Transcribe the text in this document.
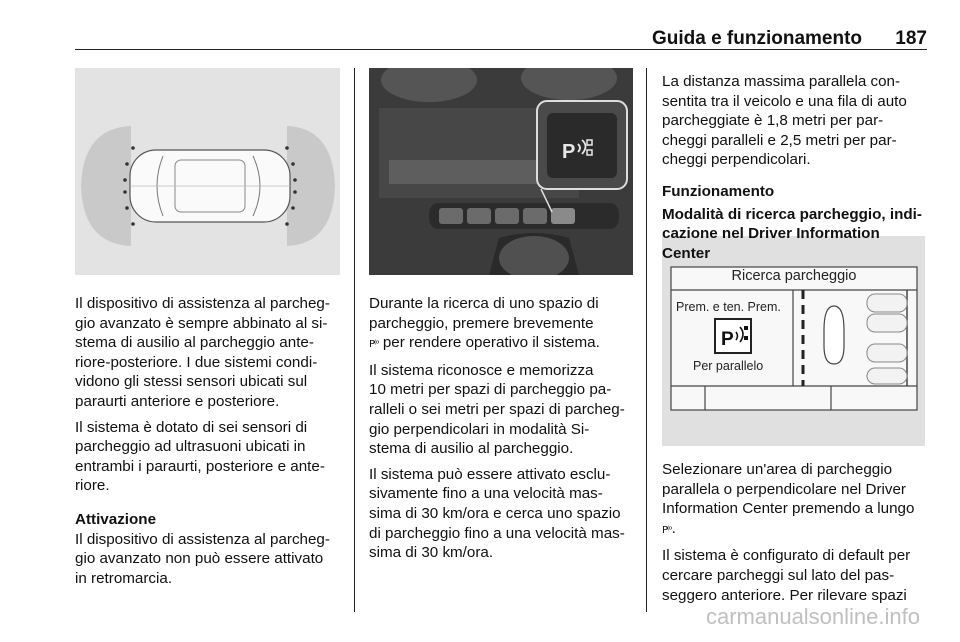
Guida e funzionamento 187
P
P
Ricerca parcheggio
Prem. e ten. Prem.
Per parallelo

Il dispositivo di assistenza al parcheg-
gio avanzato è sempre abbinato al si-
stema di ausilio al parcheggio ante-
riore-posteriore. I due sistemi condi-
vidono gli stessi sensori ubicati sul
paraurti anteriore e posteriore.

Il sistema è dotato di sei sensori di
parcheggio ad ultrasuoni ubicati in
entrambi i paraurti, posteriore e ante-
riore.

Attivazione

Il dispositivo di assistenza al parcheg-
gio avanzato non può essere attivato
in retromarcia.

Durante la ricerca di uno spazio di
parcheggio, premere brevemente
P⁽ᵒ per rendere operativo il sistema.

Il sistema riconosce e memorizza
10 metri per spazi di parcheggio pa-
ralleli o sei metri per spazi di parcheg-
gio perpendicolari in modalità Si-
stema di ausilio al parcheggio.

Il sistema può essere attivato esclu-
sivamente fino a una velocità mas-
sima di 30 km/ora e cerca uno spazio
di parcheggio fino a una velocità mas-
sima di 30 km/ora.

La distanza massima parallela con-
sentita tra il veicolo e una fila di auto
parcheggiate è 1,8 metri per par-
cheggi paralleli e 2,5 metri per par-
cheggi perpendicolari.

Funzionamento

Modalità di ricerca parcheggio, indi-
cazione nel Driver Information Center

Selezionare un'area di parcheggio
parallela o perpendicolare nel Driver
Information Center premendo a lungo
P⁽ᵒ.

Il sistema è configurato di default per
cercare parcheggi sul lato del pas-
seggero anteriore. Per rilevare spazi

carmanualsonline.info
